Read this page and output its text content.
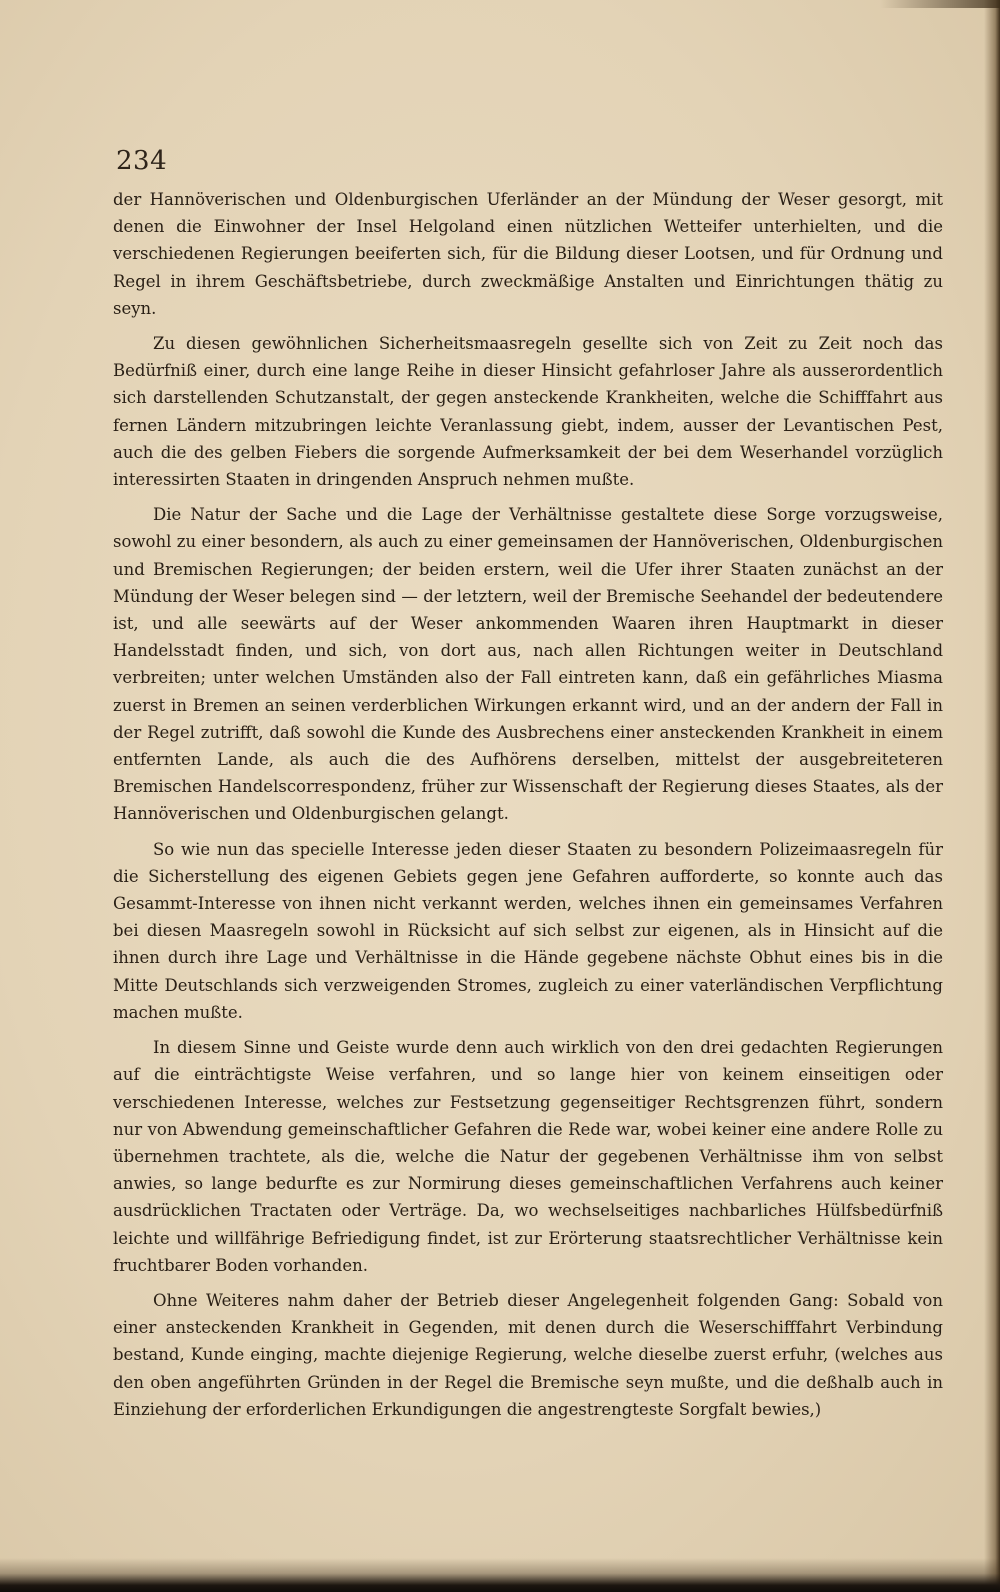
234

der Hannöverischen und Oldenburgischen Uferländer an der Mündung der Weser gesorgt, mit denen die Einwohner der Insel Helgoland einen nützlichen Wetteifer unterhielten, und die verschiedenen Regierungen beeiferten sich, für die Bildung dieser Lootsen, und für Ordnung und Regel in ihrem Geschäftsbetriebe, durch zweckmäßige Anstalten und Einrichtungen thätig zu seyn.

Zu diesen gewöhnlichen Sicherheitsmaasregeln gesellte sich von Zeit zu Zeit noch das Bedürfniß einer, durch eine lange Reihe in dieser Hinsicht gefahrloser Jahre als ausserordentlich sich darstellenden Schutzanstalt, der gegen ansteckende Krankheiten, welche die Schifffahrt aus fernen Ländern mitzubringen leichte Veranlassung giebt, indem, ausser der Levantischen Pest, auch die des gelben Fiebers die sorgende Aufmerksamkeit der bei dem Weserhandel vorzüglich interessirten Staaten in dringenden Anspruch nehmen mußte.

Die Natur der Sache und die Lage der Verhältnisse gestaltete diese Sorge vorzugsweise, sowohl zu einer besondern, als auch zu einer gemeinsamen der Hannöverischen, Oldenburgischen und Bremischen Regierungen; der beiden erstern, weil die Ufer ihrer Staaten zunächst an der Mündung der Weser belegen sind — der letztern, weil der Bremische Seehandel der bedeutendere ist, und alle seewärts auf der Weser ankommenden Waaren ihren Hauptmarkt in dieser Handelsstadt finden, und sich, von dort aus, nach allen Richtungen weiter in Deutschland verbreiten; unter welchen Umständen also der Fall eintreten kann, daß ein gefährliches Miasma zuerst in Bremen an seinen verderblichen Wirkungen erkannt wird, und an der andern der Fall in der Regel zutrifft, daß sowohl die Kunde des Ausbrechens einer ansteckenden Krankheit in einem entfernten Lande, als auch die des Aufhörens derselben, mittelst der ausgebreiteteren Bremischen Handelscorrespondenz, früher zur Wissenschaft der Regierung dieses Staates, als der Hannöverischen und Oldenburgischen gelangt.

So wie nun das specielle Interesse jeden dieser Staaten zu besondern Polizeimaasregeln für die Sicherstellung des eigenen Gebiets gegen jene Gefahren aufforderte, so konnte auch das Gesammt-Interesse von ihnen nicht verkannt werden, welches ihnen ein gemeinsames Verfahren bei diesen Maasregeln sowohl in Rücksicht auf sich selbst zur eigenen, als in Hinsicht auf die ihnen durch ihre Lage und Verhältnisse in die Hände gegebene nächste Obhut eines bis in die Mitte Deutschlands sich verzweigenden Stromes, zugleich zu einer vaterländischen Verpflichtung machen mußte.

In diesem Sinne und Geiste wurde denn auch wirklich von den drei gedachten Regierungen auf die einträchtigste Weise verfahren, und so lange hier von keinem einseitigen oder verschiedenen Interesse, welches zur Festsetzung gegenseitiger Rechtsgrenzen führt, sondern nur von Abwendung gemeinschaftlicher Gefahren die Rede war, wobei keiner eine andere Rolle zu übernehmen trachtete, als die, welche die Natur der gegebenen Verhältnisse ihm von selbst anwies, so lange bedurfte es zur Normirung dieses gemeinschaftlichen Verfahrens auch keiner ausdrücklichen Tractaten oder Verträge. Da, wo wechselseitiges nachbarliches Hülfsbedürfniß leichte und willfährige Befriedigung findet, ist zur Erörterung staatsrechtlicher Verhältnisse kein fruchtbarer Boden vorhanden.

Ohne Weiteres nahm daher der Betrieb dieser Angelegenheit folgenden Gang: Sobald von einer ansteckenden Krankheit in Gegenden, mit denen durch die Weserschifffahrt Verbindung bestand, Kunde einging, machte diejenige Regierung, welche dieselbe zuerst erfuhr, (welches aus den oben angeführten Gründen in der Regel die Bremische seyn mußte, und die deßhalb auch in Einziehung der erforderlichen Erkundigungen die angestrengteste Sorgfalt bewies,)
